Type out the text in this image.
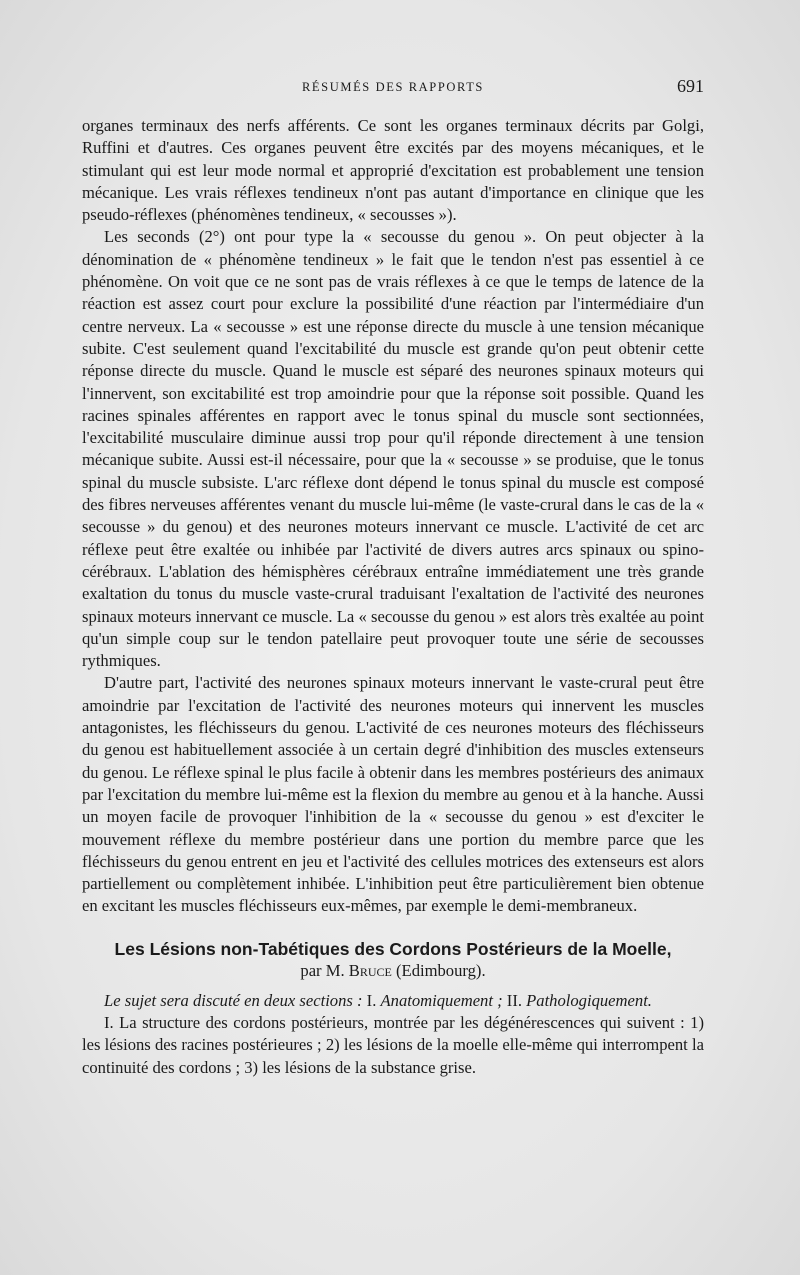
RÉSUMÉS DES RAPPORTS	691

organes terminaux des nerfs afférents. Ce sont les organes terminaux décrits par Golgi, Ruffini et d'autres. Ces organes peuvent être excités par des moyens mécaniques, et le stimulant qui est leur mode normal et approprié d'excitation est probablement une tension mécanique. Les vrais réflexes tendineux n'ont pas autant d'importance en clinique que les pseudo-réflexes (phénomènes tendineux, « secousses »).

Les seconds (2°) ont pour type la « secousse du genou ». On peut objecter à la dénomination de « phénomène tendineux » le fait que le tendon n'est pas essentiel à ce phénomène. On voit que ce ne sont pas de vrais réflexes à ce que le temps de latence de la réaction est assez court pour exclure la possibilité d'une réaction par l'intermédiaire d'un centre nerveux. La « secousse » est une réponse directe du muscle à une tension mécanique subite. C'est seulement quand l'excitabilité du muscle est grande qu'on peut obtenir cette réponse directe du muscle. Quand le muscle est séparé des neurones spinaux moteurs qui l'innervent, son excitabilité est trop amoindrie pour que la réponse soit possible. Quand les racines spinales afférentes en rapport avec le tonus spinal du muscle sont sectionnées, l'excitabilité musculaire diminue aussi trop pour qu'il réponde directement à une tension mécanique subite. Aussi est-il nécessaire, pour que la « secousse » se produise, que le tonus spinal du muscle subsiste. L'arc réflexe dont dépend le tonus spinal du muscle est composé des fibres nerveuses afférentes venant du muscle lui-même (le vaste-crural dans le cas de la « secousse » du genou) et des neurones moteurs innervant ce muscle. L'activité de cet arc réflexe peut être exaltée ou inhibée par l'activité de divers autres arcs spinaux ou spino-cérébraux. L'ablation des hémisphères cérébraux entraîne immédiatement une très grande exaltation du tonus du muscle vaste-crural traduisant l'exaltation de l'activité des neurones spinaux moteurs innervant ce muscle. La « secousse du genou » est alors très exaltée au point qu'un simple coup sur le tendon patellaire peut provoquer toute une série de secousses rythmiques.

D'autre part, l'activité des neurones spinaux moteurs innervant le vaste-crural peut être amoindrie par l'excitation de l'activité des neurones moteurs qui innervent les muscles antagonistes, les fléchisseurs du genou. L'activité de ces neurones moteurs des fléchisseurs du genou est habituellement associée à un certain degré d'inhibition des muscles extenseurs du genou. Le réflexe spinal le plus facile à obtenir dans les membres postérieurs des animaux par l'excitation du membre lui-même est la flexion du membre au genou et à la hanche. Aussi un moyen facile de provoquer l'inhibition de la « secousse du genou » est d'exciter le mouvement réflexe du membre postérieur dans une portion du membre parce que les fléchisseurs du genou entrent en jeu et l'activité des cellules motrices des extenseurs est alors partiellement ou complètement inhibée. L'inhibition peut être particulièrement bien obtenue en excitant les muscles fléchisseurs eux-mêmes, par exemple le demi-membraneux.

Les Lésions non-Tabétiques des Cordons Postérieurs de la Moelle,
par M. Bruce (Edimbourg).

Le sujet sera discuté en deux sections : I. Anatomiquement ; II. Pathologiquement.

I. La structure des cordons postérieurs, montrée par les dégénérescences qui suivent : 1) les lésions des racines postérieures ; 2) les lésions de la moelle elle-même qui interrompent la continuité des cordons ; 3) les lésions de la substance grise.
